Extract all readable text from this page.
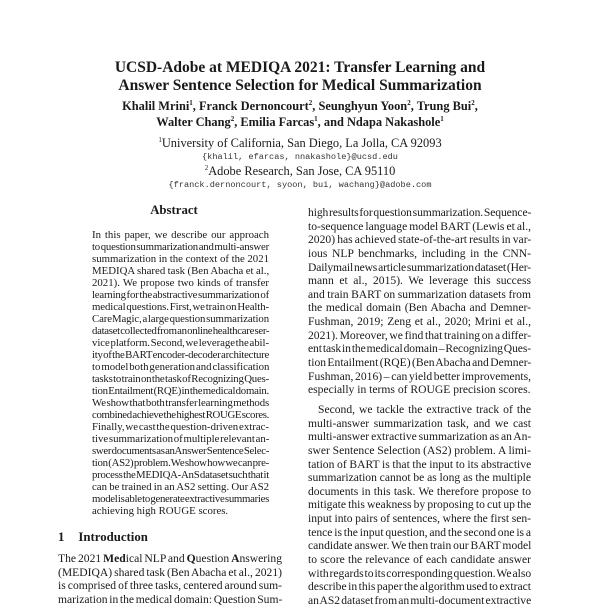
UCSD-Adobe at MEDIQA 2021: Transfer Learning and
Answer Sentence Selection for Medical Summarization
Khalil Mrini$^1$, Franck Dernoncourt$^2$, Seunghyun Yoon$^2$, Trung Bui$^2$,
Walter Chang$^2$, Emilia Farcas$^1$, and Ndapa Nakashole$^1$
$^1$University of California, San Diego, La Jolla, CA 92093
{khalil, efarcas, nnakashole}@ucsd.edu
$^2$Adobe Research, San Jose, CA 95110
{franck.dernoncourt, syoon, bui, wachang}@adobe.com
Abstract
In this paper, we describe our approach
to question summarization and multi-answer
summarization in the context of the 2021
MEDIQA shared task (Ben Abacha et al.,
2021). We propose two kinds of transfer
learning for the abstractive summarization of
medical questions. First, we train on Health-
CareMagic, a large question summarization
dataset collected from an online healthcare ser-
vice platform. Second, we leverage the abil-
ity of the BART encoder-decoder architecture
to model both generation and classification
tasks to train on the task of Recognizing Ques-
tion Entailment (RQE) in the medical domain.
We show that both transfer learning methods
combined achieve the highest ROUGE scores.
Finally, we cast the question-driven extrac-
tive summarization of multiple relevant an-
swer documents as an Answer Sentence Selec-
tion (AS2) problem. We show how we can pre-
process the MEDIQA-AnS dataset such that it
can be trained in an AS2 setting. Our AS2
model is able to generate extractive summaries
achieving high ROUGE scores.
1 Introduction
The 2021 Medical NLP and Question Answering
(MEDIQA) shared task (Ben Abacha et al., 2021)
is comprised of three tasks, centered around sum-
marization in the medical domain: Question Sum-
high results for question summarization. Sequence-
to-sequence language model BART (Lewis et al.,
2020) has achieved state-of-the-art results in var-
ious NLP benchmarks, including in the CNN-
Dailymail news article summarization dataset (Her-
mann et al., 2015). We leverage this success
and train BART on summarization datasets from
the medical domain (Ben Abacha and Demner-
Fushman, 2019; Zeng et al., 2020; Mrini et al.,
2021). Moreover, we find that training on a differ-
ent task in the medical domain – Recognizing Ques-
tion Entailment (RQE) (Ben Abacha and Demner-
Fushman, 2016) – can yield better improvements,
especially in terms of ROUGE precision scores.
Second, we tackle the extractive track of the
multi-answer summarization task, and we cast
multi-answer extractive summarization as an An-
swer Sentence Selection (AS2) problem. A limi-
tation of BART is that the input to its abstractive
summarization cannot be as long as the multiple
documents in this task. We therefore propose to
mitigate this weakness by proposing to cut up the
input into pairs of sentences, where the first sen-
tence is the input question, and the second one is a
candidate answer. We then train our BART model
to score the relevance of each candidate answer
with regards to its corresponding question. We also
describe in this paper the algorithm used to extract
an AS2 dataset from an multi-document extractive
